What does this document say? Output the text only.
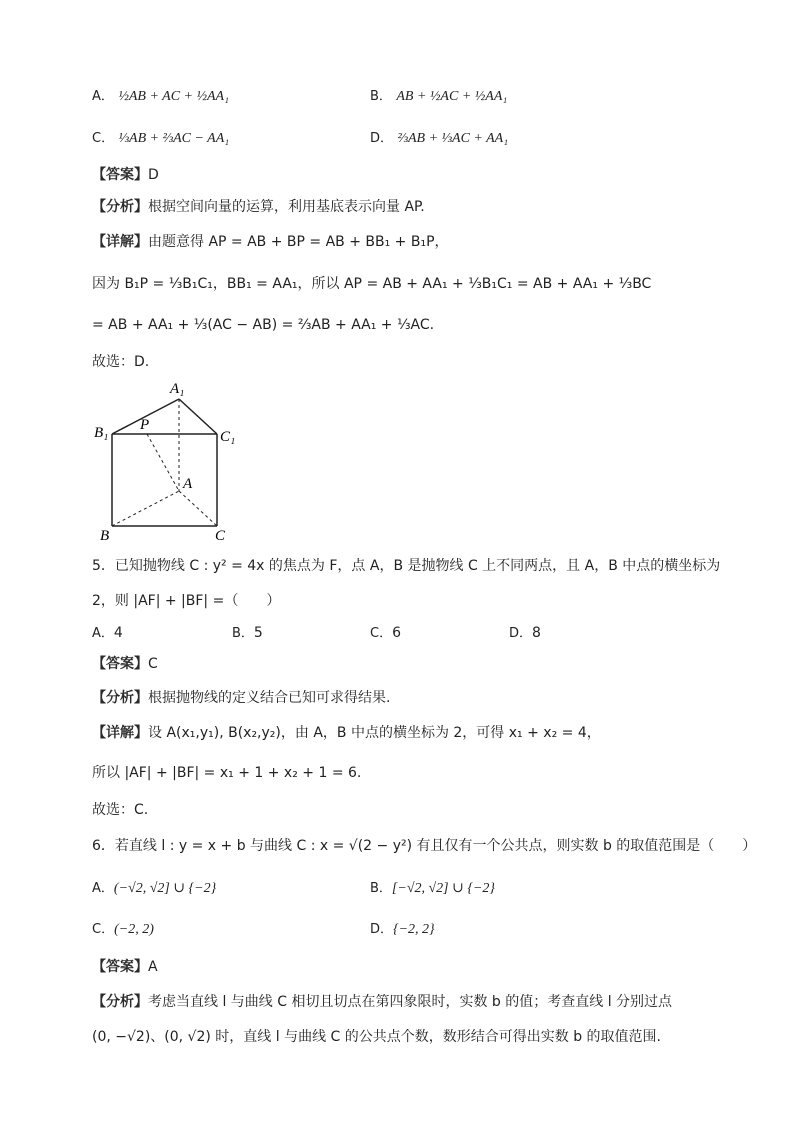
A． ½AB + AC + ½AA₁	B． AB + ½AC + ½AA₁
C． ⅓AB + ⅔AC − AA₁	D． ⅔AB + ⅓AC + AA₁
【答案】D
【分析】根据空间向量的运算，利用基底表示向量 AP.
【详解】由题意得 AP = AB + BP = AB + BB₁ + B₁P，
因为 B₁P = ⅓B₁C₁，BB₁ = AA₁，所以 AP = AB + AA₁ + ⅓B₁C₁ = AB + AA₁ + ⅓BC
= AB + AA₁ + ⅓(AC − AB) = ⅔AB + AA₁ + ⅓AC.
故选：D.
A₁
B₁	C₁
P
A
B	C
5．已知抛物线 C : y² = 4x 的焦点为 F，点 A，B 是抛物线 C 上不同两点，且 A，B 中点的横坐标为
2，则 |AF| + |BF| =（　　）
A．4	B．5	C．6	D．8
【答案】C
【分析】根据抛物线的定义结合已知可求得结果.
【详解】设 A(x₁,y₁), B(x₂,y₂)，由 A，B 中点的横坐标为 2，可得 x₁ + x₂ = 4，
所以 |AF| + |BF| = x₁ + 1 + x₂ + 1 = 6.
故选：C.
6．若直线 l : y = x + b 与曲线 C : x = √(2 − y²) 有且仅有一个公共点，则实数 b 的取值范围是（　　）
A．(−√2, √2] ∪ {−2}	B．[−√2, √2] ∪ {−2}
C．(−2, 2)	D．{−2, 2}
【答案】A
【分析】考虑当直线 l 与曲线 C 相切且切点在第四象限时，实数 b 的值；考查直线 l 分别过点
(0, −√2)、(0, √2) 时，直线 l 与曲线 C 的公共点个数，数形结合可得出实数 b 的取值范围.
